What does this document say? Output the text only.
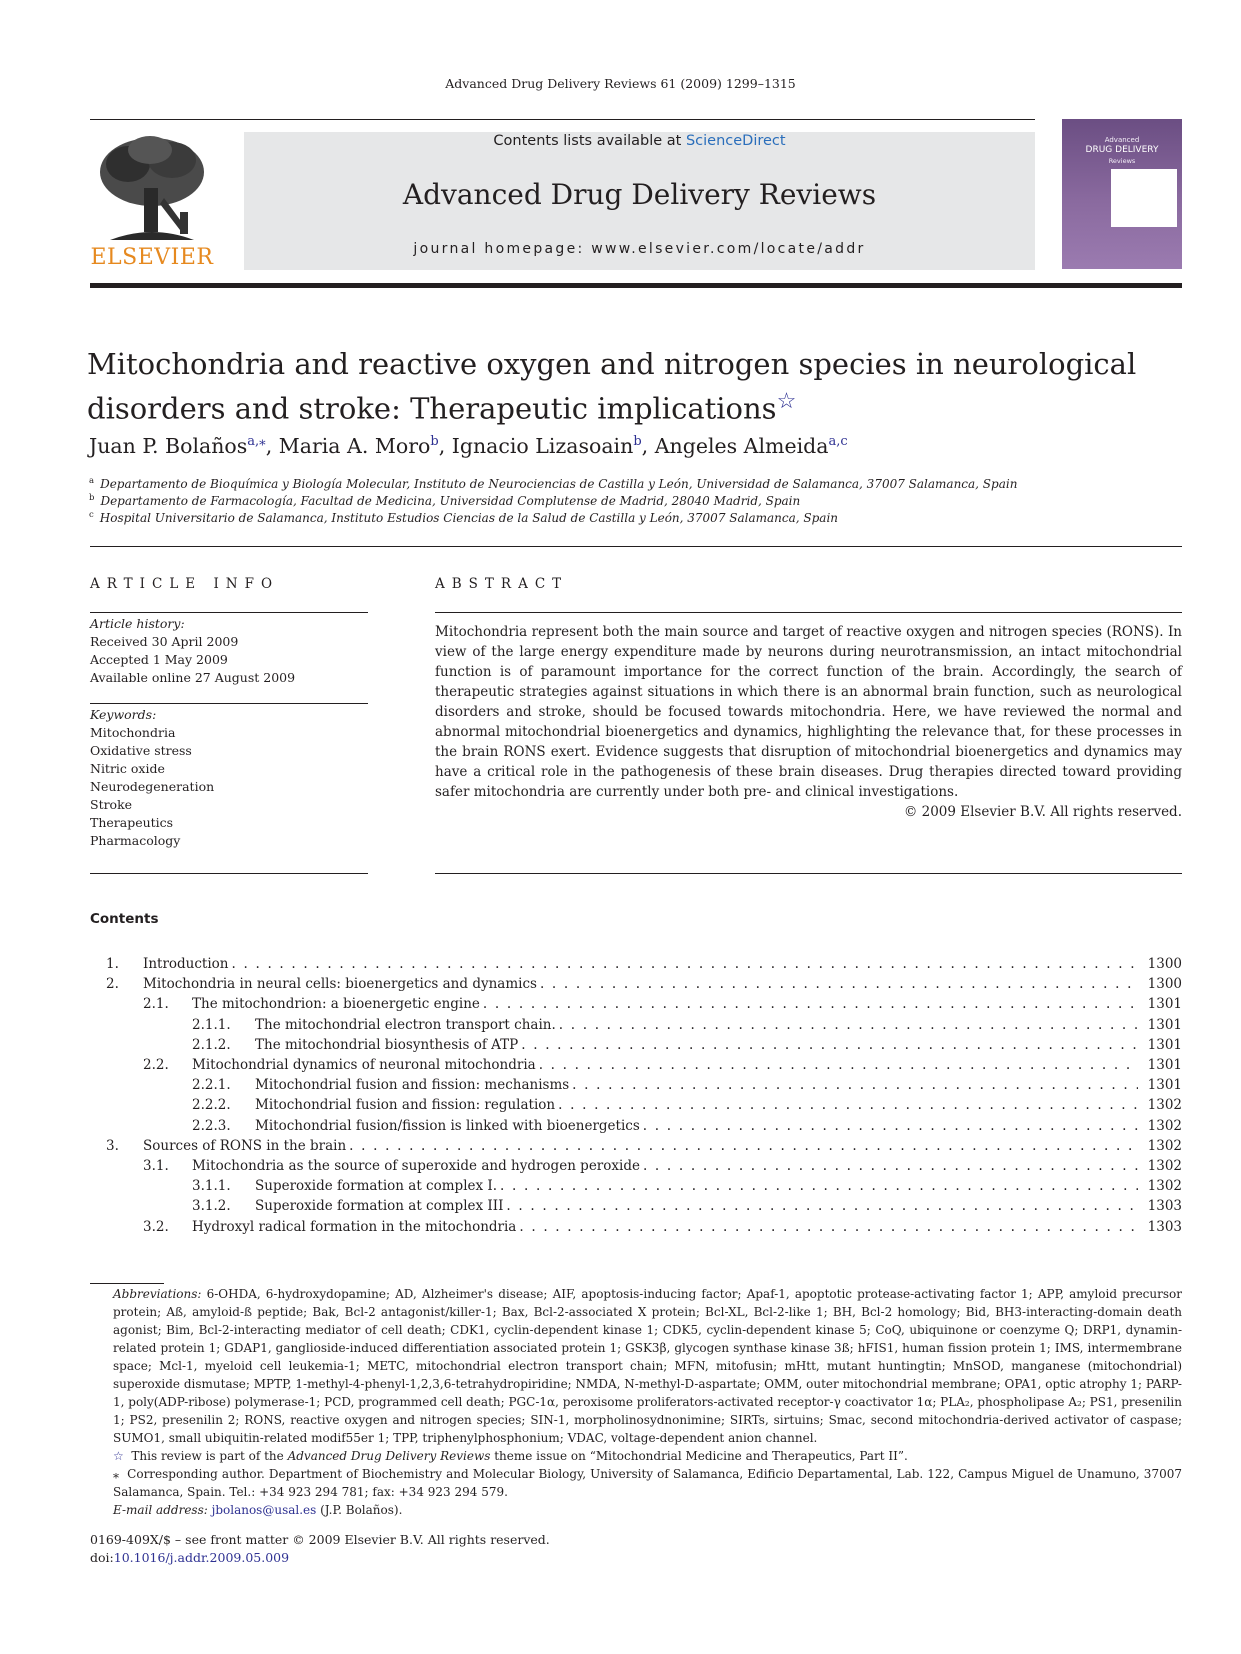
Advanced Drug Delivery Reviews 61 (2009) 1299–1315
ELSEVIER
Contents lists available at ScienceDirect
Advanced Drug Delivery Reviews
journal homepage: www.elsevier.com/locate/addr
Advanced
DRUG DELIVERY
Reviews
Mitochondria and reactive oxygen and nitrogen species in neurological disorders and stroke: Therapeutic implications☆
Juan P. Bolaños$^{a,⁎}$, Maria A. Moro$^b$, Ignacio Lizasoain$^b$, Angeles Almeida$^{a,c}$
$^a$ Departamento de Bioquímica y Biología Molecular, Instituto de Neurociencias de Castilla y León, Universidad de Salamanca, 37007 Salamanca, Spain
$^b$ Departamento de Farmacología, Facultad de Medicina, Universidad Complutense de Madrid, 28040 Madrid, Spain
$^c$ Hospital Universitario de Salamanca, Instituto Estudios Ciencias de la Salud de Castilla y León, 37007 Salamanca, Spain
ARTICLE INFO
Article history:
Received 30 April 2009
Accepted 1 May 2009
Available online 27 August 2009
Keywords:
Mitochondria
Oxidative stress
Nitric oxide
Neurodegeneration
Stroke
Therapeutics
Pharmacology
ABSTRACT
Mitochondria represent both the main source and target of reactive oxygen and nitrogen species (RONS). In view of the large energy expenditure made by neurons during neurotransmission, an intact mitochondrial function is of paramount importance for the correct function of the brain. Accordingly, the search of therapeutic strategies against situations in which there is an abnormal brain function, such as neurological disorders and stroke, should be focused towards mitochondria. Here, we have reviewed the normal and abnormal mitochondrial bioenergetics and dynamics, highlighting the relevance that, for these processes in the brain RONS exert. Evidence suggests that disruption of mitochondrial bioenergetics and dynamics may have a critical role in the pathogenesis of these brain diseases. Drug therapies directed toward providing safer mitochondria are currently under both pre- and clinical investigations.
© 2009 Elsevier B.V. All rights reserved.
Contents
1. Introduction . . .	1300
2. Mitochondria in neural cells: bioenergetics and dynamics . . .	1300
2.1. The mitochondrion: a bioenergetic engine . . .	1301
2.1.1. The mitochondrial electron transport chain. . . .	1301
2.1.2. The mitochondrial biosynthesis of ATP . . .	1301
2.2. Mitochondrial dynamics of neuronal mitochondria . . .	1301
2.2.1. Mitochondrial fusion and fission: mechanisms . . .	1301
2.2.2. Mitochondrial fusion and fission: regulation . . .	1302
2.2.3. Mitochondrial fusion/fission is linked with bioenergetics . . .	1302
3. Sources of RONS in the brain . . .	1302
3.1. Mitochondria as the source of superoxide and hydrogen peroxide . . .	1302
3.1.1. Superoxide formation at complex I. . . .	1302
3.1.2. Superoxide formation at complex III . . .	1303
3.2. Hydroxyl radical formation in the mitochondria . . .	1303
Abbreviations: 6-OHDA, 6-hydroxydopamine; AD, Alzheimer's disease; AIF, apoptosis-inducing factor; Apaf-1, apoptotic protease-activating factor 1; APP, amyloid precursor protein; Aß, amyloid-ß peptide; Bak, Bcl-2 antagonist/killer-1; Bax, Bcl-2-associated X protein; Bcl-XL, Bcl-2-like 1; BH, Bcl-2 homology; Bid, BH3-interacting-domain death agonist; Bim, Bcl-2-interacting mediator of cell death; CDK1, cyclin-dependent kinase 1; CDK5, cyclin-dependent kinase 5; CoQ, ubiquinone or coenzyme Q; DRP1, dynamin-related protein 1; GDAP1, ganglioside-induced differentiation associated protein 1; GSK3β, glycogen synthase kinase 3ß; hFIS1, human fission protein 1; IMS, intermembrane space; Mcl-1, myeloid cell leukemia-1; METC, mitochondrial electron transport chain; MFN, mitofusin; mHtt, mutant huntingtin; MnSOD, manganese (mitochondrial) superoxide dismutase; MPTP, 1-methyl-4-phenyl-1,2,3,6-tetrahydropiridine; NMDA, N-methyl-D-aspartate; OMM, outer mitochondrial membrane; OPA1, optic atrophy 1; PARP-1, poly(ADP-ribose) polymerase-1; PCD, programmed cell death; PGC-1α, peroxisome proliferators-activated receptor-γ coactivator 1α; PLA₂, phospholipase A₂; PS1, presenilin 1; PS2, presenilin 2; RONS, reactive oxygen and nitrogen species; SIN-1, morpholinosydnonimine; SIRTs, sirtuins; Smac, second mitochondria-derived activator of caspase; SUMO1, small ubiquitin-related modif55er 1; TPP, triphenylphosphonium; VDAC, voltage-dependent anion channel.
☆ This review is part of the Advanced Drug Delivery Reviews theme issue on “Mitochondrial Medicine and Therapeutics, Part II”.
⁎ Corresponding author. Department of Biochemistry and Molecular Biology, University of Salamanca, Edificio Departamental, Lab. 122, Campus Miguel de Unamuno, 37007 Salamanca, Spain. Tel.: +34 923 294 781; fax: +34 923 294 579.
E-mail address: jbolanos@usal.es (J.P. Bolaños).
0169-409X/$ – see front matter © 2009 Elsevier B.V. All rights reserved.
doi:10.1016/j.addr.2009.05.009
